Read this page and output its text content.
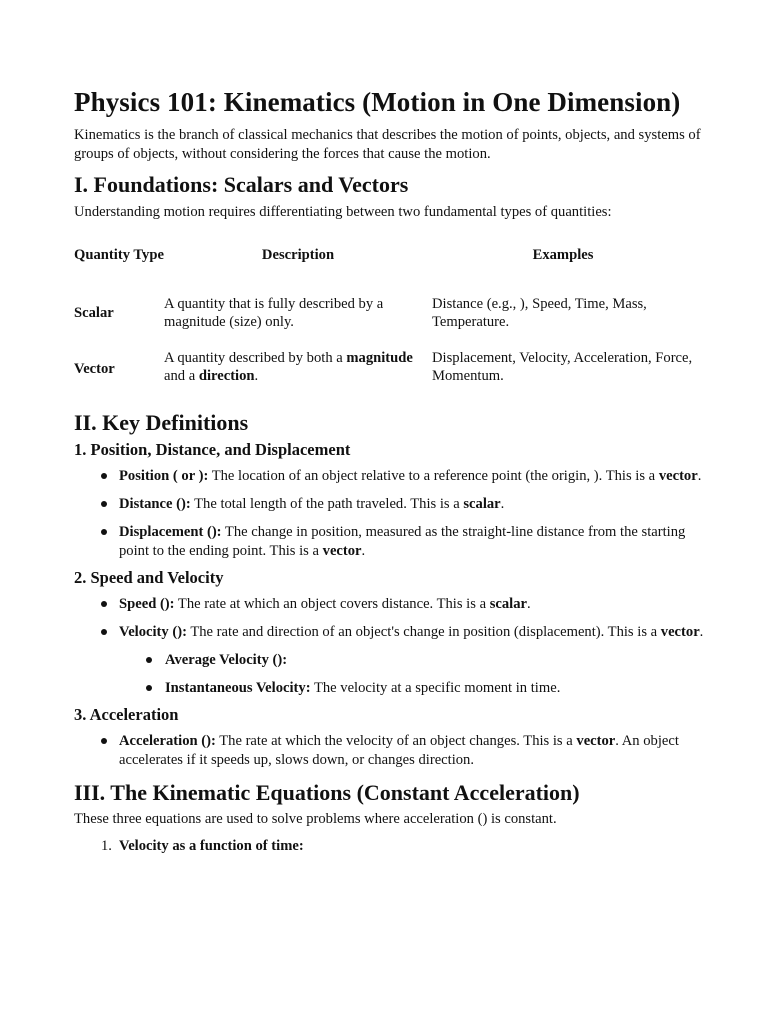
Physics 101: Kinematics (Motion in One Dimension)

Kinematics is the branch of classical mechanics that describes the motion of points, objects, and systems of groups of objects, without considering the forces that cause the motion.

I. Foundations: Scalars and Vectors

Understanding motion requires differentiating between two fundamental types of quantities:

Quantity Type	Description	Examples
Scalar	A quantity that is fully described by a magnitude (size) only.	Distance (e.g., ), Speed, Time, Mass, Temperature.
Vector	A quantity described by both a magnitude and a direction.	Displacement, Velocity, Acceleration, Force, Momentum.
II. Key Definitions
1. Position, Distance, and Displacement
Position ( or ): The location of an object relative to a reference point (the origin, ). This is a vector.
Distance (): The total length of the path traveled. This is a scalar.
Displacement (): The change in position, measured as the straight-line distance from the starting point to the ending point. This is a vector.
2. Speed and Velocity
Speed (): The rate at which an object covers distance. This is a scalar.
Velocity (): The rate and direction of an object's change in position (displacement). This is a vector.
Average Velocity ():
Instantaneous Velocity: The velocity at a specific moment in time.
3. Acceleration
Acceleration (): The rate at which the velocity of an object changes. This is a vector. An object accelerates if it speeds up, slows down, or changes direction.
III. The Kinematic Equations (Constant Acceleration)

These three equations are used to solve problems where acceleration () is constant.

1. Velocity as a function of time:
